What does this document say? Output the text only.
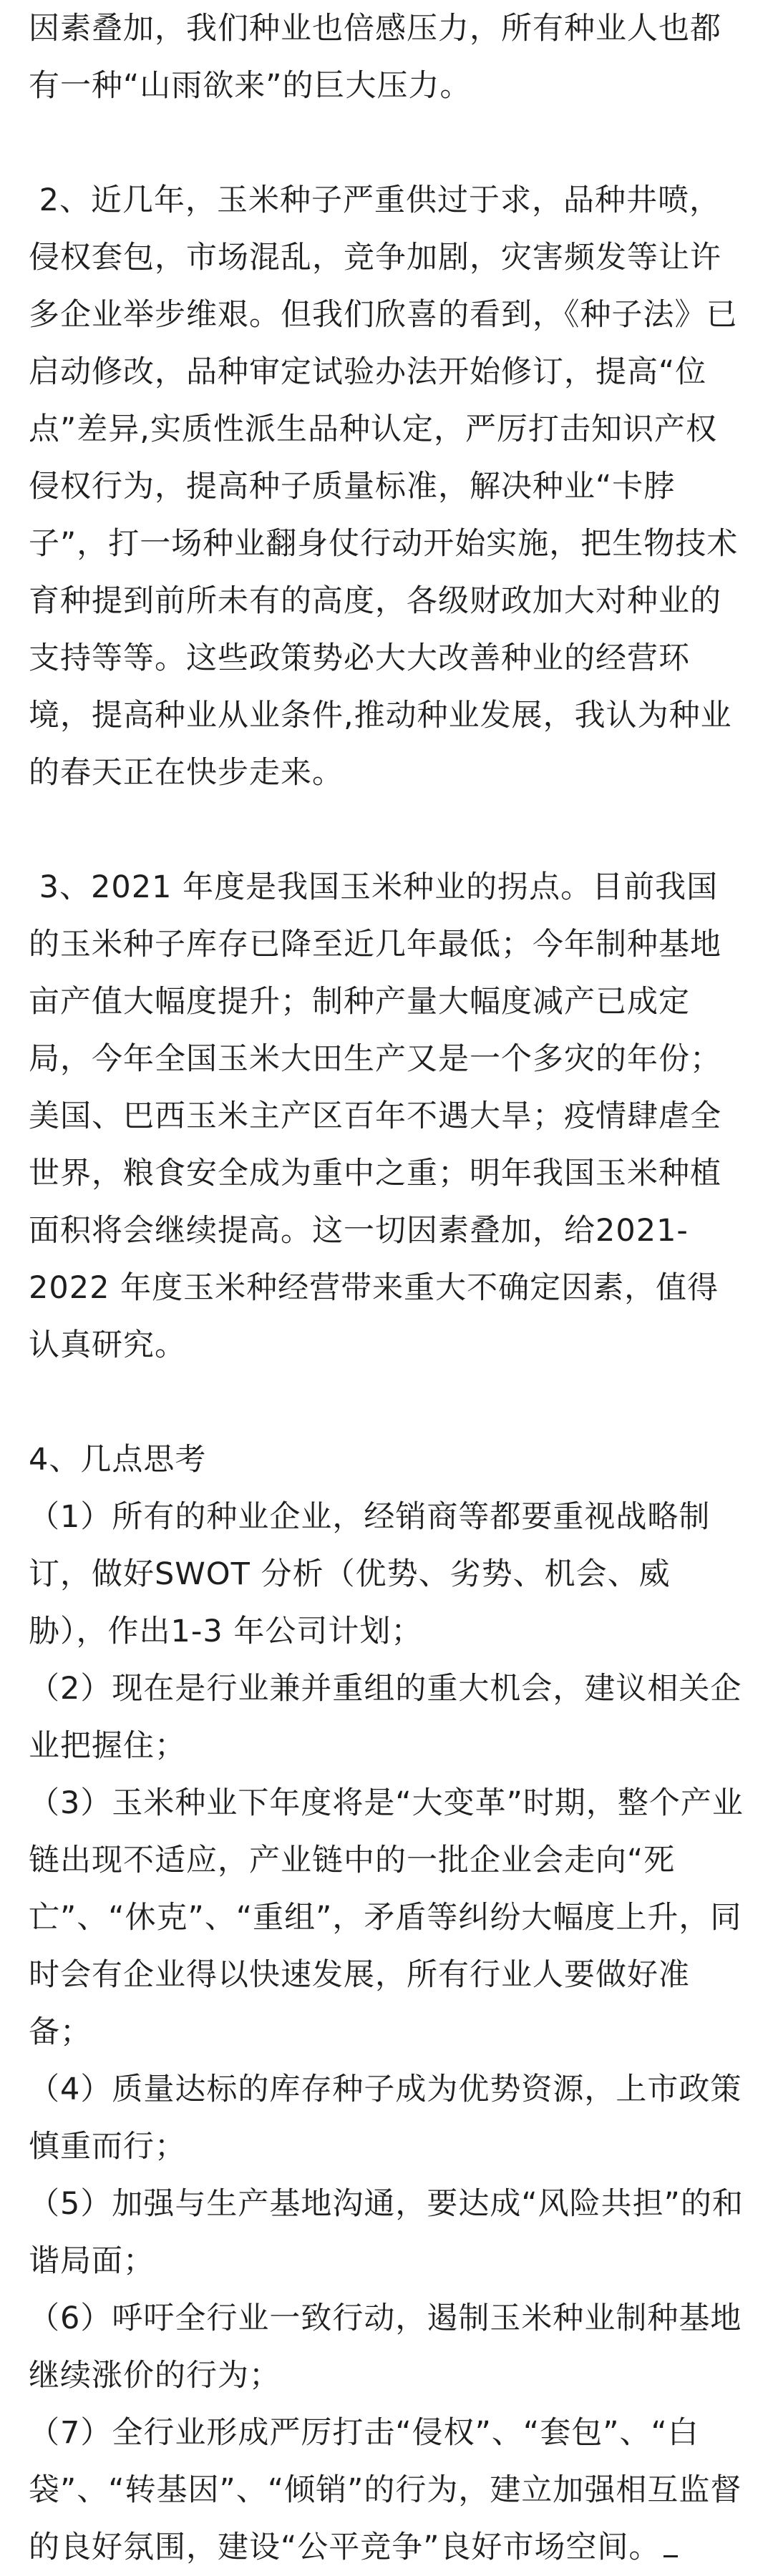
因素叠加，我们种业也倍感压力，所有种业人也都有一种“山雨欲来”的巨大压力。

2、近几年，玉米种子严重供过于求，品种井喷，侵权套包，市场混乱，竞争加剧，灾害频发等让许多企业举步维艰。但我们欣喜的看到，《种子法》已启动修改，品种审定试验办法开始修订，提高“位点”差异,实质性派生品种认定，严厉打击知识产权侵权行为，提高种子质量标准，解决种业“卡脖子”，打一场种业翻身仗行动开始实施，把生物技术育种提到前所未有的高度，各级财政加大对种业的支持等等。这些政策势必大大改善种业的经营环境，提高种业从业条件,推动种业发展，我认为种业的春天正在快步走来。

3、2021 年度是我国玉米种业的拐点。目前我国的玉米种子库存已降至近几年最低；今年制种基地亩产值大幅度提升；制种产量大幅度减产已成定局，今年全国玉米大田生产又是一个多灾的年份；美国、巴西玉米主产区百年不遇大旱；疫情肆虐全世界，粮食安全成为重中之重；明年我国玉米种植面积将会继续提高。这一切因素叠加，给2021-2022 年度玉米种经营带来重大不确定因素，值得认真研究。

4、几点思考

（1）所有的种业企业，经销商等都要重视战略制订，做好SWOT 分析（优势、劣势、机会、威胁），作出1-3 年公司计划；

（2）现在是行业兼并重组的重大机会，建议相关企业把握住；

（3）玉米种业下年度将是“大变革”时期，整个产业链出现不适应，产业链中的一批企业会走向“死亡”、“休克”、“重组”，矛盾等纠纷大幅度上升，同时会有企业得以快速发展，所有行业人要做好准备；

（4）质量达标的库存种子成为优势资源，上市政策慎重而行；

（5）加强与生产基地沟通，要达成“风险共担”的和谐局面；

（6）呼吁全行业一致行动，遏制玉米种业制种基地继续涨价的行为；

（7）全行业形成严厉打击“侵权”、“套包”、“白袋”、“转基因”、“倾销”的行为，建立加强相互监督的良好氛围，建设“公平竞争”良好市场空间。
